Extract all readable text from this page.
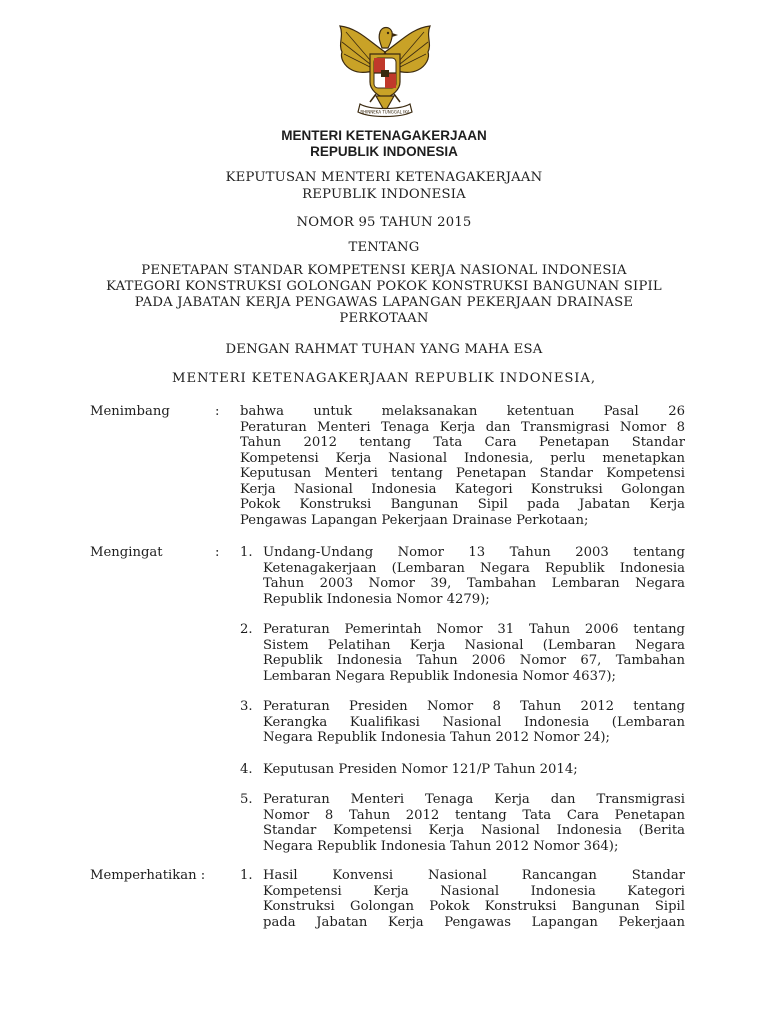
BHINNEKA TUNGGAL IKA
MENTERI KETENAGAKERJAAN
REPUBLIK INDONESIA
KEPUTUSAN MENTERI KETENAGAKERJAAN
REPUBLIK INDONESIA
NOMOR 95 TAHUN 2015
TENTANG
PENETAPAN STANDAR KOMPETENSI KERJA NASIONAL INDONESIA
KATEGORI KONSTRUKSI GOLONGAN POKOK KONSTRUKSI BANGUNAN SIPIL
PADA JABATAN KERJA PENGAWAS LAPANGAN PEKERJAAN DRAINASE
PERKOTAAN
DENGAN RAHMAT TUHAN YANG MAHA ESA
MENTERI KETENAGAKERJAAN REPUBLIK INDONESIA,
Menimbang	: bahwa untuk melaksanakan ketentuan Pasal 26
Peraturan Menteri Tenaga Kerja dan Transmigrasi Nomor 8
Tahun 2012 tentang Tata Cara Penetapan Standar
Kompetensi Kerja Nasional Indonesia, perlu menetapkan
Keputusan Menteri tentang Penetapan Standar Kompetensi
Kerja Nasional Indonesia Kategori Konstruksi Golongan
Pokok Konstruksi Bangunan Sipil pada Jabatan Kerja
Pengawas Lapangan Pekerjaan Drainase Perkotaan;
Mengingat	: 1. Undang-Undang Nomor 13 Tahun 2003 tentang
Ketenagakerjaan (Lembaran Negara Republik Indonesia
Tahun 2003 Nomor 39, Tambahan Lembaran Negara
Republik Indonesia Nomor 4279);
2. Peraturan Pemerintah Nomor 31 Tahun 2006 tentang
Sistem Pelatihan Kerja Nasional (Lembaran Negara
Republik Indonesia Tahun 2006 Nomor 67, Tambahan
Lembaran Negara Republik Indonesia Nomor 4637);
3. Peraturan Presiden Nomor 8 Tahun 2012 tentang
Kerangka Kualifikasi Nasional Indonesia (Lembaran
Negara Republik Indonesia Tahun 2012 Nomor 24);
4. Keputusan Presiden Nomor 121/P Tahun 2014;
5. Peraturan Menteri Tenaga Kerja dan Transmigrasi
Nomor 8 Tahun 2012 tentang Tata Cara Penetapan
Standar Kompetensi Kerja Nasional Indonesia (Berita
Negara Republik Indonesia Tahun 2012 Nomor 364);
Memperhatikan :	1. Hasil Konvensi Nasional Rancangan Standar
Kompetensi Kerja Nasional Indonesia Kategori
Konstruksi Golongan Pokok Konstruksi Bangunan Sipil
pada Jabatan Kerja Pengawas Lapangan Pekerjaan
